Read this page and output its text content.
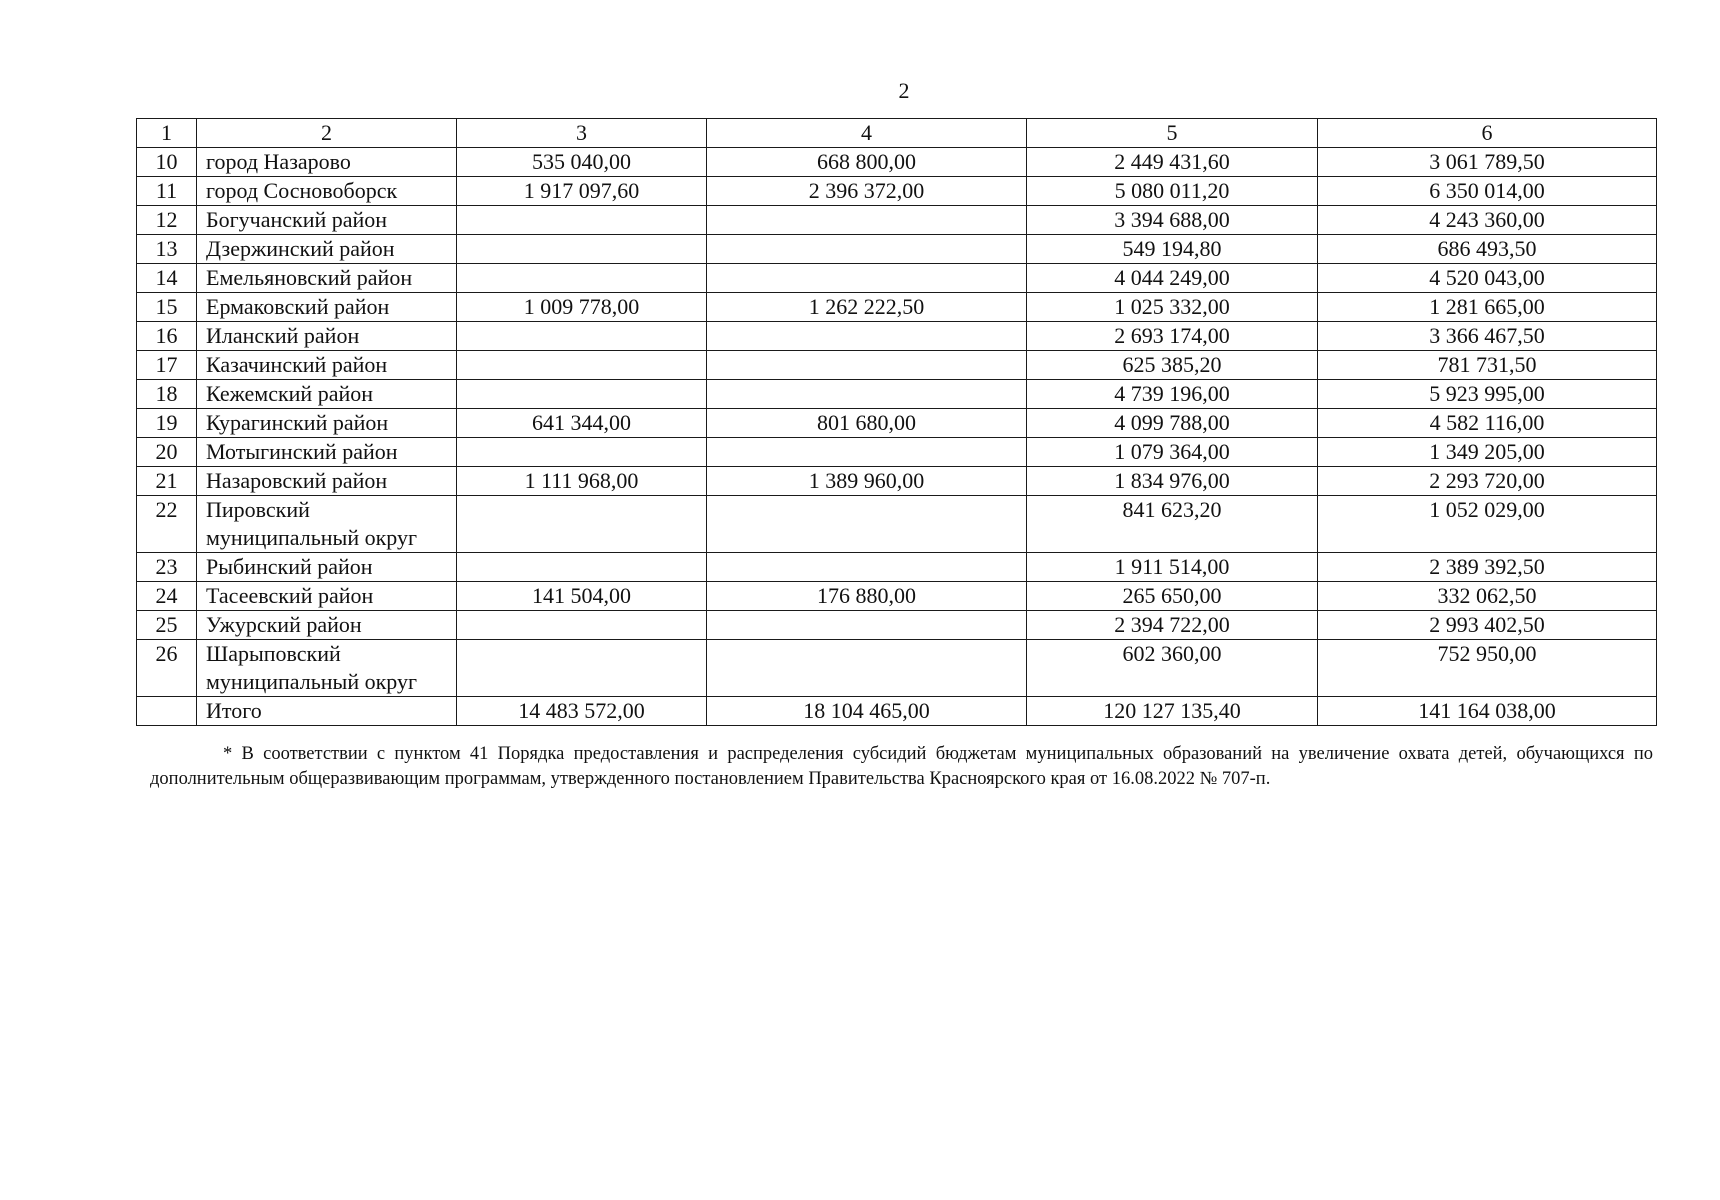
2
1	2	3	4	5	6
10	город Назарово	535 040,00	668 800,00	2 449 431,60	3 061 789,50
11	город Сосновоборск	1 917 097,60	2 396 372,00	5 080 011,20	6 350 014,00
12	Богучанский район			3 394 688,00	4 243 360,00
13	Дзержинский район			549 194,80	686 493,50
14	Емельяновский район			4 044 249,00	4 520 043,00
15	Ермаковский район	1 009 778,00	1 262 222,50	1 025 332,00	1 281 665,00
16	Иланский район			2 693 174,00	3 366 467,50
17	Казачинский район			625 385,20	781 731,50
18	Кежемский район			4 739 196,00	5 923 995,00
19	Курагинский район	641 344,00	801 680,00	4 099 788,00	4 582 116,00
20	Мотыгинский район			1 079 364,00	1 349 205,00
21	Назаровский район	1 111 968,00	1 389 960,00	1 834 976,00	2 293 720,00
22	Пировский муниципальный округ			841 623,20	1 052 029,00
23	Рыбинский район			1 911 514,00	2 389 392,50
24	Тасеевский район	141 504,00	176 880,00	265 650,00	332 062,50
25	Ужурский район			2 394 722,00	2 993 402,50
26	Шарыповский муниципальный округ			602 360,00	752 950,00
	Итого	14 483 572,00	18 104 465,00	120 127 135,40	141 164 038,00
* В соответствии с пунктом 41 Порядка предоставления и распределения субсидий бюджетам муниципальных образований на увеличение охвата детей, обучающихся по дополнительным общеразвивающим программам, утвержденного постановлением Правительства Красноярского края от 16.08.2022 № 707-п.
